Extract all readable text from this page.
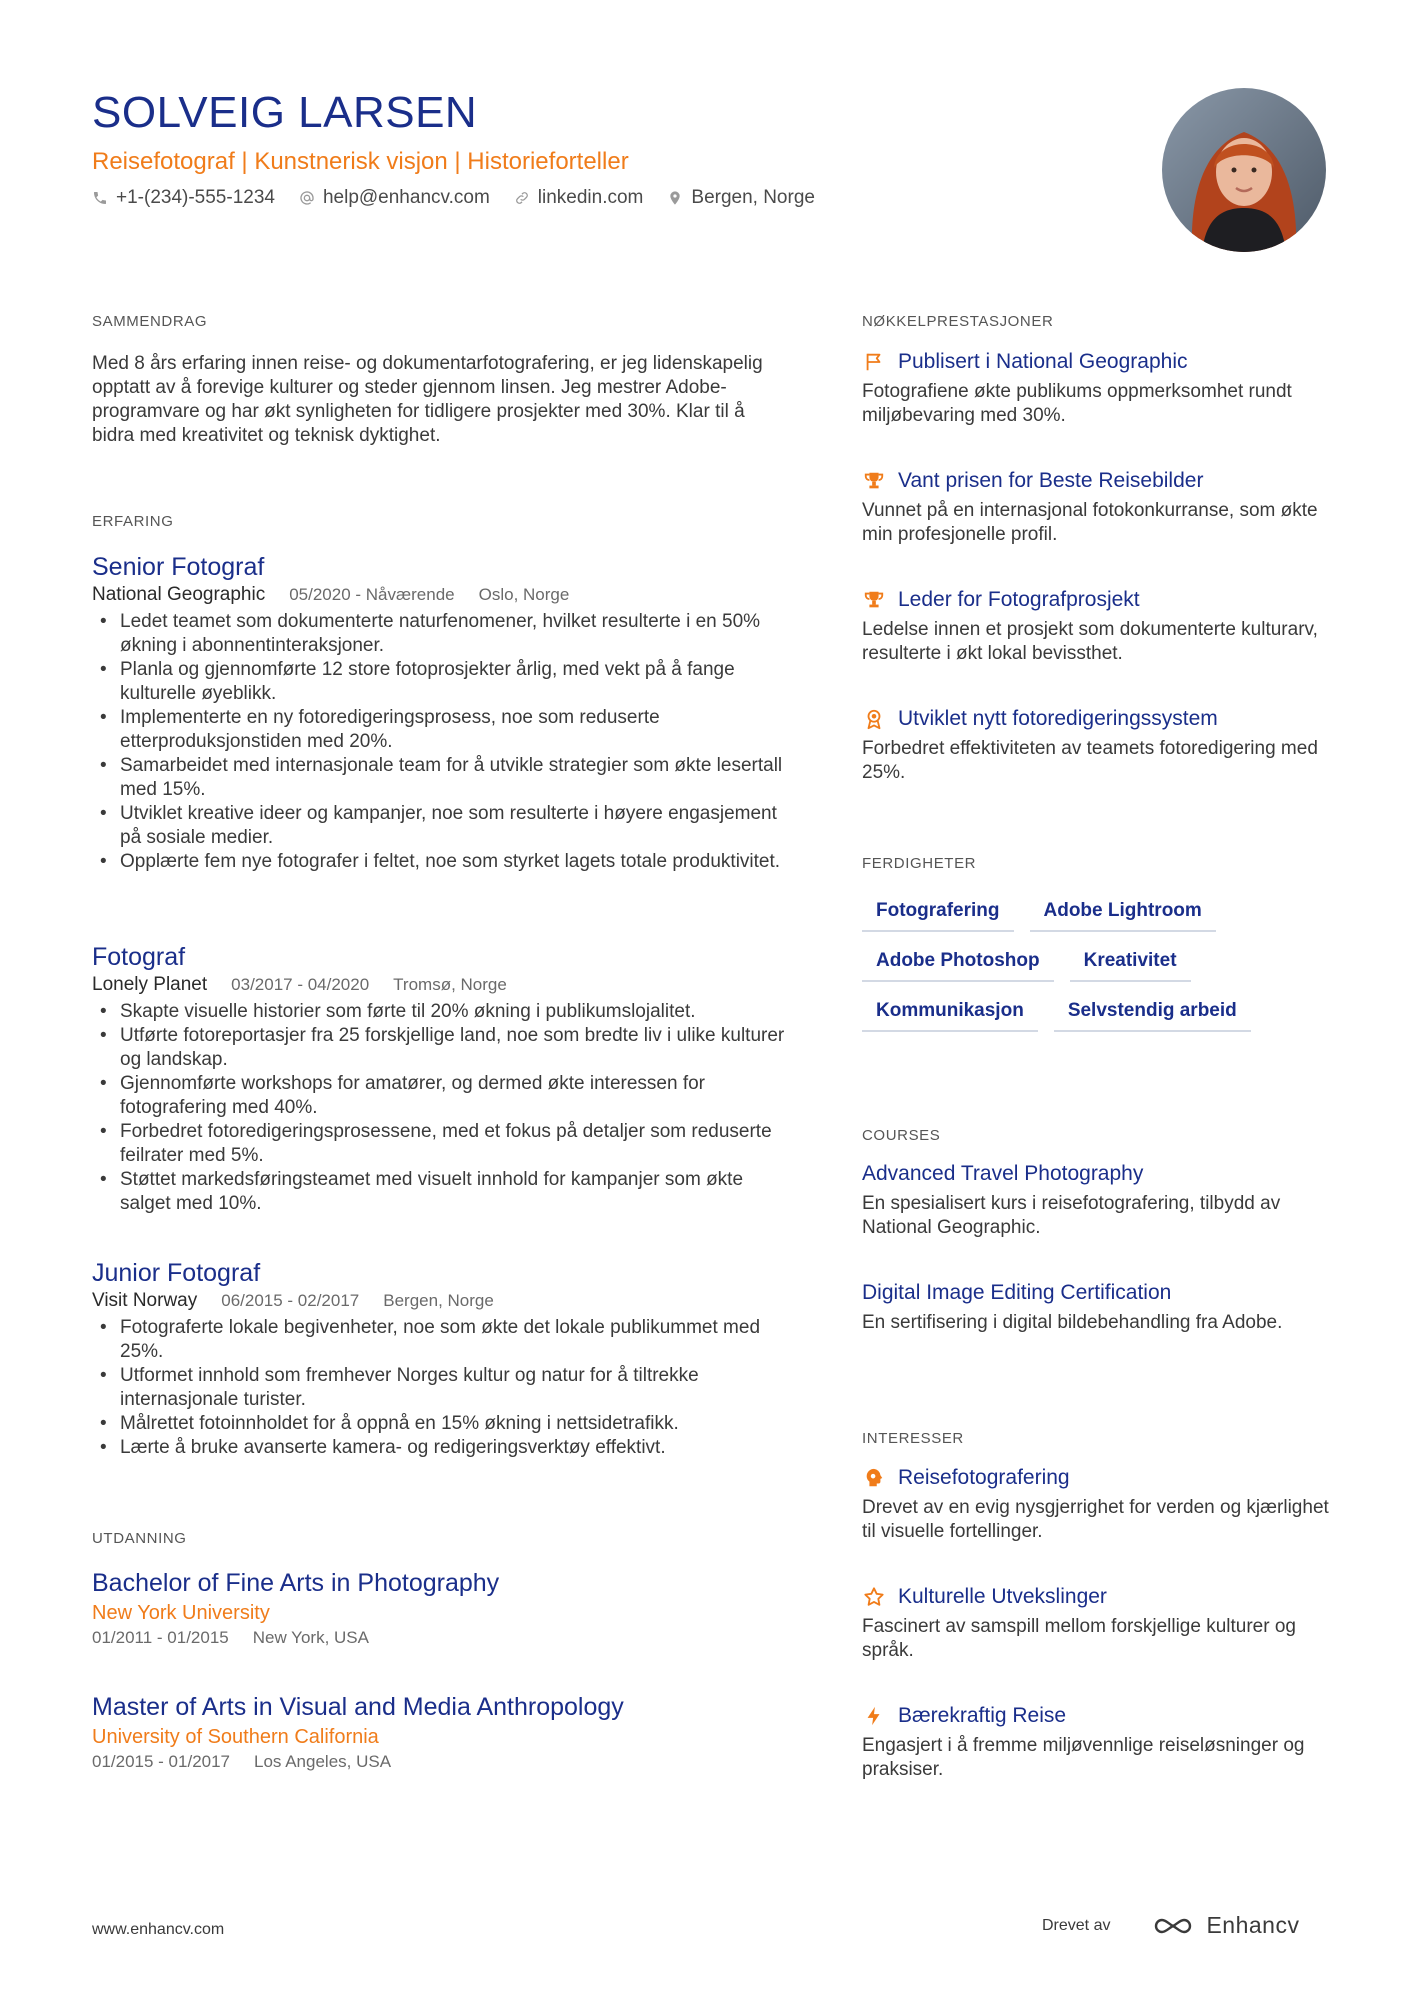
SOLVEIG LARSEN
Reisefotograf | Kunstnerisk visjon | Historieforteller
+1-(234)-555-1234	help@enhancv.com	linkedin.com	Bergen, Norge
SAMMENDRAG
Med 8 års erfaring innen reise- og dokumentarfotografering, er jeg lidenskapelig opptatt av å forevige kulturer og steder gjennom linsen. Jeg mestrer Adobe-programvare og har økt synligheten for tidligere prosjekter med 30%. Klar til å bidra med kreativitet og teknisk dyktighet.
ERFARING
Senior Fotograf
National Geographic 05/2020 - Nåværende Oslo, Norge
• Ledet teamet som dokumenterte naturfenomener, hvilket resulterte i en 50% økning i abonnentinteraksjoner.
• Planla og gjennomførte 12 store fotoprosjekter årlig, med vekt på å fange kulturelle øyeblikk.
• Implementerte en ny fotoredigeringsprosess, noe som reduserte etterproduksjonstiden med 20%.
• Samarbeidet med internasjonale team for å utvikle strategier som økte lesertall med 15%.
• Utviklet kreative ideer og kampanjer, noe som resulterte i høyere engasjement på sosiale medier.
• Opplærte fem nye fotografer i feltet, noe som styrket lagets totale produktivitet.
Fotograf
Lonely Planet 03/2017 - 04/2020 Tromsø, Norge
• Skapte visuelle historier som førte til 20% økning i publikumslojalitet.
• Utførte fotoreportasjer fra 25 forskjellige land, noe som bredte liv i ulike kulturer og landskap.
• Gjennomførte workshops for amatører, og dermed økte interessen for fotografering med 40%.
• Forbedret fotoredigeringsprosessene, med et fokus på detaljer som reduserte feilrater med 5%.
• Støttet markedsføringsteamet med visuelt innhold for kampanjer som økte salget med 10%.
Junior Fotograf
Visit Norway 06/2015 - 02/2017 Bergen, Norge
• Fotograferte lokale begivenheter, noe som økte det lokale publikummet med 25%.
• Utformet innhold som fremhever Norges kultur og natur for å tiltrekke internasjonale turister.
• Målrettet fotoinnholdet for å oppnå en 15% økning i nettsidetrafikk.
• Lærte å bruke avanserte kamera- og redigeringsverktøy effektivt.
UTDANNING
Bachelor of Fine Arts in Photography
New York University
01/2011 - 01/2015 New York, USA
Master of Arts in Visual and Media Anthropology
University of Southern California
01/2015 - 01/2017 Los Angeles, USA
NØKKELPRESTASJONER
Publisert i National Geographic
Fotografiene økte publikums oppmerksomhet rundt miljøbevaring med 30%.
Vant prisen for Beste Reisebilder
Vunnet på en internasjonal fotokonkurranse, som økte min profesjonelle profil.
Leder for Fotografprosjekt
Ledelse innen et prosjekt som dokumenterte kulturarv, resulterte i økt lokal bevissthet.
Utviklet nytt fotoredigeringssystem
Forbedret effektiviteten av teamets fotoredigering med 25%.
FERDIGHETER
Fotografering	Adobe Lightroom
Adobe Photoshop	Kreativitet
Kommunikasjon	Selvstendig arbeid
COURSES
Advanced Travel Photography
En spesialisert kurs i reisefotografering, tilbydd av National Geographic.
Digital Image Editing Certification
En sertifisering i digital bildebehandling fra Adobe.
INTERESSER
Reisefotografering
Drevet av en evig nysgjerrighet for verden og kjærlighet til visuelle fortellinger.
Kulturelle Utvekslinger
Fascinert av samspill mellom forskjellige kulturer og språk.
Bærekraftig Reise
Engasjert i å fremme miljøvennlige reiseløsninger og praksiser.
www.enhancv.com	Drevet av	Enhancv
